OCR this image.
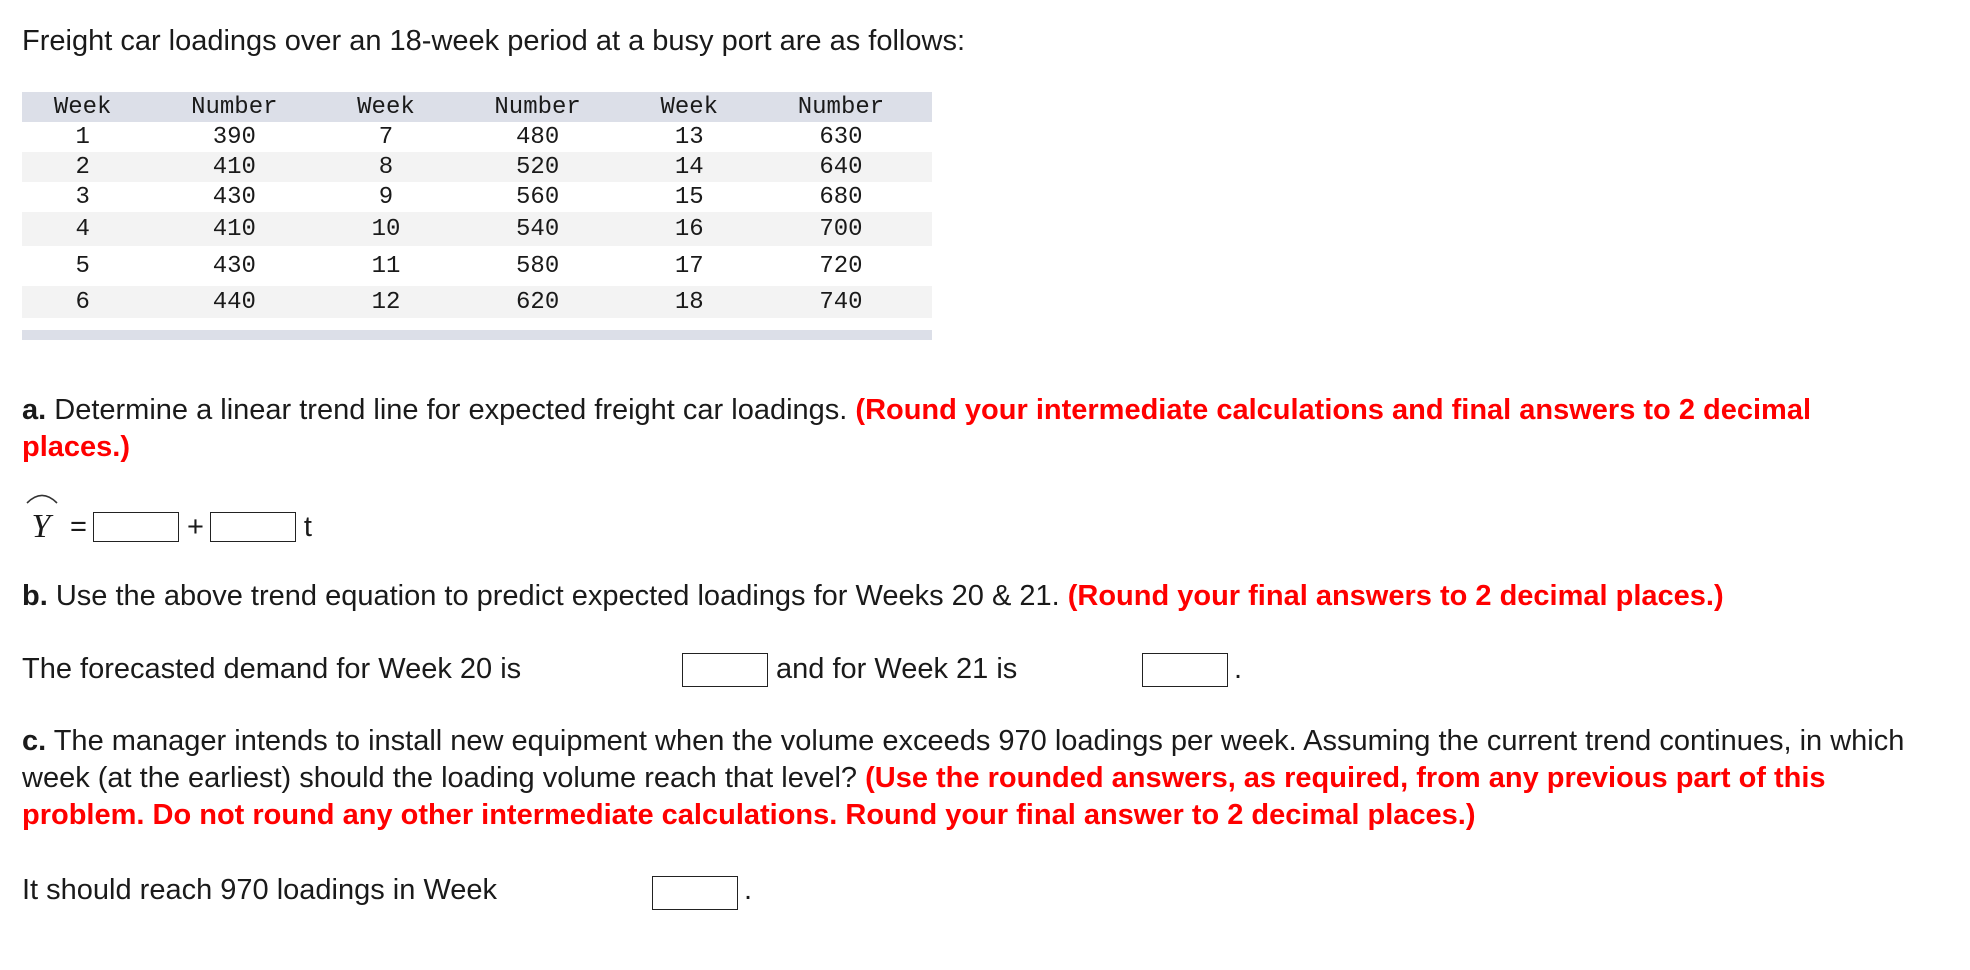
Freight car loadings over an 18-week period at a busy port are as follows:

Week	Number	Week	Number	Week	Number
1	390	7	480	13	630
2	410	8	520	14	640
3	430	9	560	15	680
4	410	10	540	16	700
5	430	11	580	17	720
6	440	12	620	18	740

a. Determine a linear trend line for expected freight car loadings. (Round your intermediate calculations and final answers to 2 decimal places.)

Y =	+	t

b. Use the above trend equation to predict expected loadings for Weeks 20 & 21. (Round your final answers to 2 decimal places.)

The forecasted demand for Week 20 is	and for Week 21 is	.

c. The manager intends to install new equipment when the volume exceeds 970 loadings per week. Assuming the current trend continues, in which week (at the earliest) should the loading volume reach that level? (Use the rounded answers, as required, from any previous part of this problem. Do not round any other intermediate calculations. Round your final answer to 2 decimal places.)

It should reach 970 loadings in Week	.
